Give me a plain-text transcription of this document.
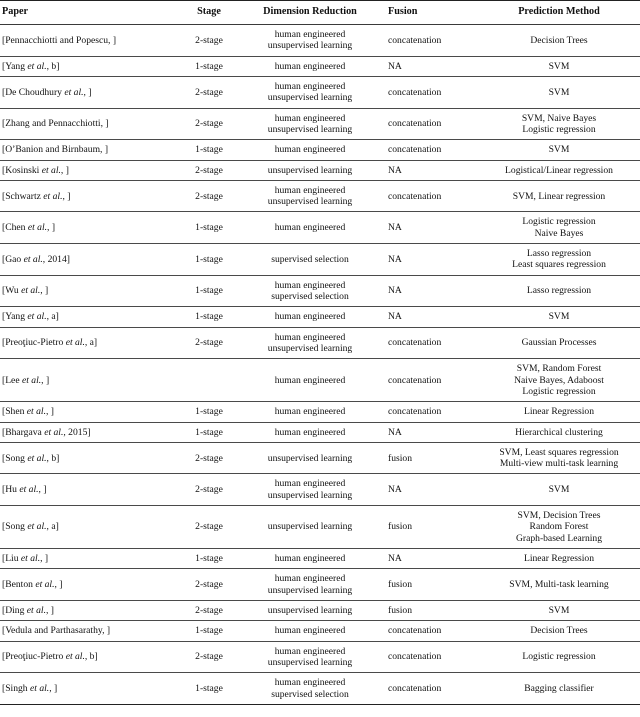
Paper	Stage	Dimension Reduction	Fusion	Prediction Method
[Pennacchiotti and Popescu, ]	2-stage	human engineered
unsupervised learning	concatenation	Decision Trees

[Yang et al., b]	1-stage	human engineered	NA	SVM

[De Choudhury et al., ]	2-stage	human engineered
unsupervised learning	concatenation	SVM

[Zhang and Pennacchiotti, ]	2-stage	human engineered
unsupervised learning	concatenation	SVM, Naive Bayes
Logistic regression

[O’Banion and Birnbaum, ]	1-stage	human engineered	concatenation	SVM

[Kosinski et al., ]	2-stage	unsupervised learning	NA	Logistical/Linear regression

[Schwartz et al., ]	2-stage	human engineered
unsupervised learning	concatenation	SVM, Linear regression

[Chen et al., ]	1-stage	human engineered	NA	Logistic regression
Naive Bayes

[Gao et al., 2014]	1-stage	supervised selection	NA	Lasso regression
Least squares regression

[Wu et al., ]	1-stage	human engineered
supervised selection	NA	Lasso regression

[Yang et al., a]	1-stage	human engineered	NA	SVM

[Preoţiuc-Pietro et al., a]	2-stage	human engineered
unsupervised learning	concatenation	Gaussian Processes

[Lee et al., ]		human engineered	concatenation	SVM, Random Forest
Naive Bayes, Adaboost
Logistic regression

[Shen et al., ]	1-stage	human engineered	concatenation	Linear Regression

[Bhargava et al., 2015]	1-stage	human engineered	NA	Hierarchical clustering

[Song et al., b]	2-stage	unsupervised learning	fusion	SVM, Least squares regression
Multi-view multi-task learning

[Hu et al., ]	2-stage	human engineered
unsupervised learning	NA	SVM

[Song et al., a]	2-stage	unsupervised learning	fusion	SVM, Decision Trees
Random Forest
Graph-based Learning

[Liu et al., ]	1-stage	human engineered	NA	Linear Regression

[Benton et al., ]	2-stage	human engineered
unsupervised learning	fusion	SVM, Multi-task learning

[Ding et al., ]	2-stage	unsupervised learning	fusion	SVM

[Vedula and Parthasarathy, ]	1-stage	human engineered	concatenation	Decision Trees

[Preoţiuc-Pietro et al., b]	2-stage	human engineered
unsupervised learning	concatenation	Logistic regression

[Singh et al., ]	1-stage	human engineered
supervised selection	concatenation	Bagging classifier
